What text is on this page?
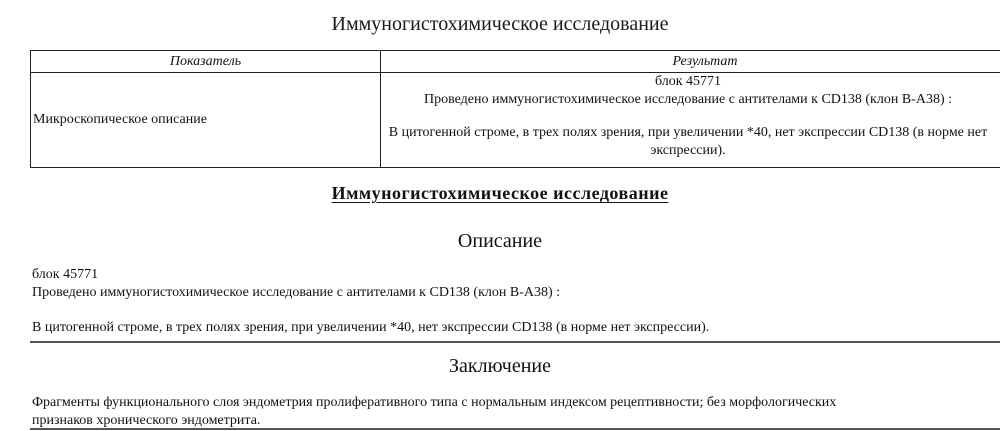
Иммуногистохимическое исследование
Показатель	Результат
Микроскопическое описание	блок 45771
Проведено иммуногистохимическое исследование с антителами к CD138 (клон B-A38) :
В цитогенной строме, в трех полях зрения, при увеличении *40, нет экспрессии CD138 (в норме нет экспрессии).
Иммуногистохимическое исследование
Описание
блок 45771
Проведено иммуногистохимическое исследование с антителами к CD138 (клон B-A38) :
В цитогенной строме, в трех полях зрения, при увеличении *40, нет экспрессии CD138 (в норме нет экспрессии).
Заключение
Фрагменты функционального слоя эндометрия пролиферативного типа с нормальным индексом рецептивности; без морфологических признаков хронического эндометрита.
